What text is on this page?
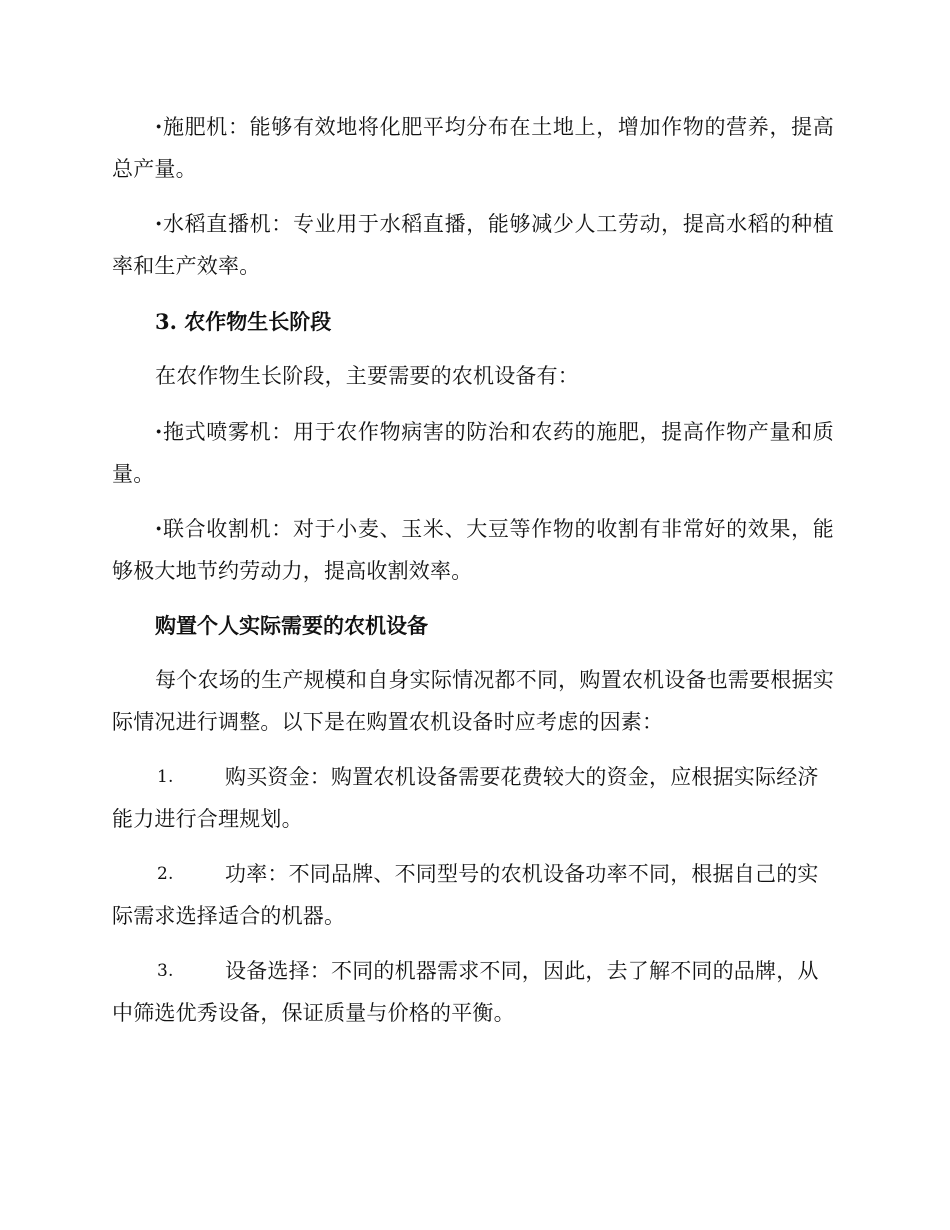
·施肥机：能够有效地将化肥平均分布在土地上，增加作物的营养，提高总产量。

·水稻直播机：专业用于水稻直播，能够减少人工劳动，提高水稻的种植率和生产效率。

3. 农作物生长阶段

在农作物生长阶段，主要需要的农机设备有：

·拖式喷雾机：用于农作物病害的防治和农药的施肥，提高作物产量和质量。

·联合收割机：对于小麦、玉米、大豆等作物的收割有非常好的效果，能够极大地节约劳动力，提高收割效率。

购置个人实际需要的农机设备

每个农场的生产规模和自身实际情况都不同，购置农机设备也需要根据实际情况进行调整。以下是在购置农机设备时应考虑的因素：

1. 购买资金：购置农机设备需要花费较大的资金，应根据实际经济
能力进行合理规划。

2. 功率：不同品牌、不同型号的农机设备功率不同，根据自己的实
际需求选择适合的机器。

3. 设备选择：不同的机器需求不同，因此，去了解不同的品牌，从
中筛选优秀设备，保证质量与价格的平衡。
